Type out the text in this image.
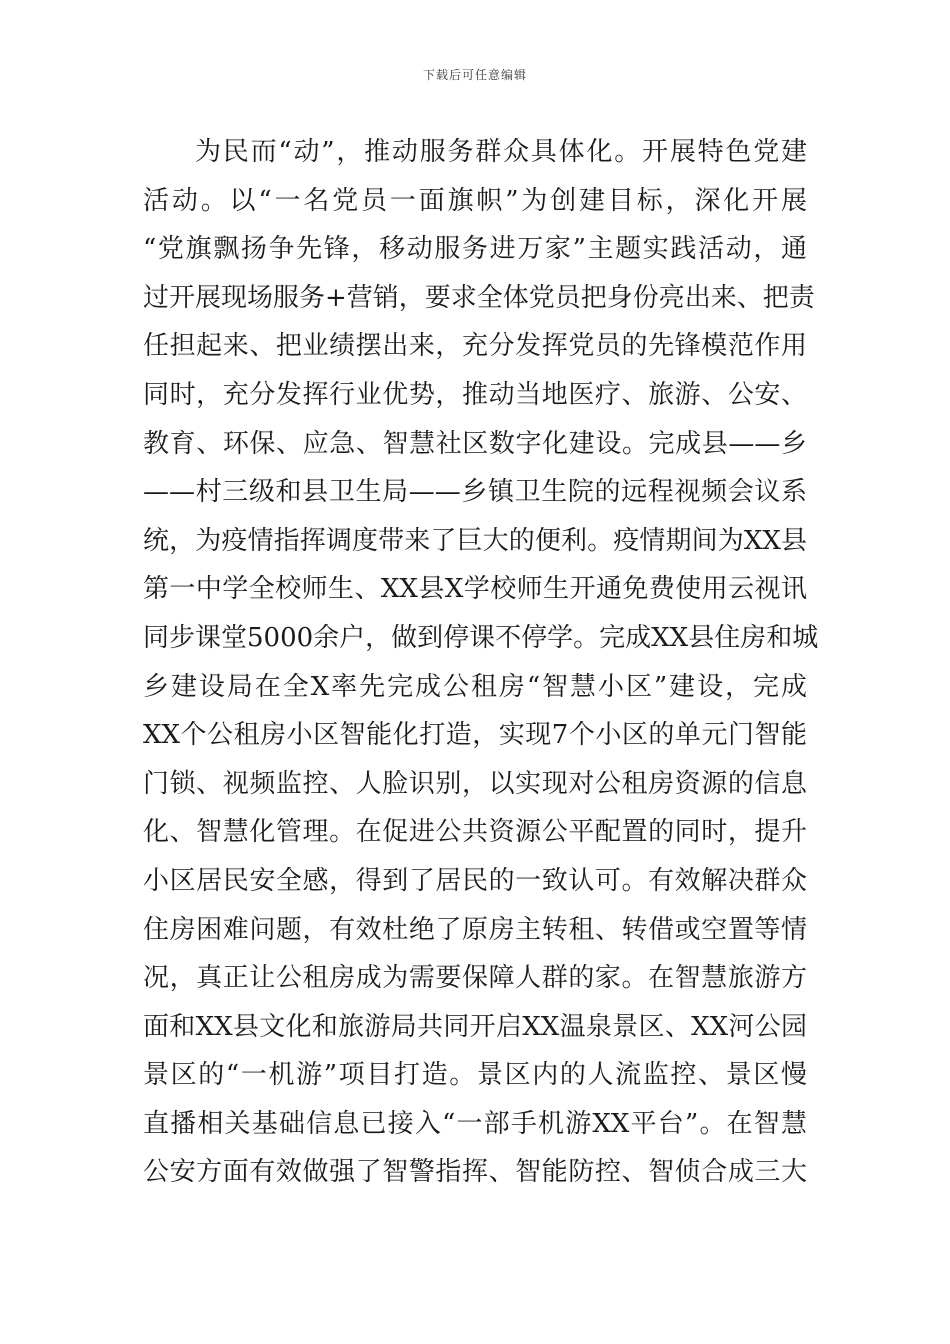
下载后可任意编辑
为民而“动”，推动服务群众具体化。开展特色党建
活动。以“一名党员一面旗帜”为创建目标，深化开展
“党旗飘扬争先锋，移动服务进万家”主题实践活动，通
过开展现场服务+营销，要求全体党员把身份亮出来、把责
任担起来、把业绩摆出来，充分发挥党员的先锋模范作用
同时，充分发挥行业优势，推动当地医疗、旅游、公安、
教育、环保、应急、智慧社区数字化建设。完成县——乡
——村三级和县卫生局——乡镇卫生院的远程视频会议系
统，为疫情指挥调度带来了巨大的便利。疫情期间为XX县
第一中学全校师生、XX县X学校师生开通免费使用云视讯
同步课堂5000余户，做到停课不停学。完成XX县住房和城
乡建设局在全X率先完成公租房“智慧小区”建设，完成
XX个公租房小区智能化打造，实现7个小区的单元门智能
门锁、视频监控、人脸识别，以实现对公租房资源的信息
化、智慧化管理。在促进公共资源公平配置的同时，提升
小区居民安全感，得到了居民的一致认可。有效解决群众
住房困难问题，有效杜绝了原房主转租、转借或空置等情
况，真正让公租房成为需要保障人群的家。在智慧旅游方
面和XX县文化和旅游局共同开启XX温泉景区、XX河公园
景区的“一机游”项目打造。景区内的人流监控、景区慢
直播相关基础信息已接入“一部手机游XX平台”。在智慧
公安方面有效做强了智警指挥、智能防控、智侦合成三大
